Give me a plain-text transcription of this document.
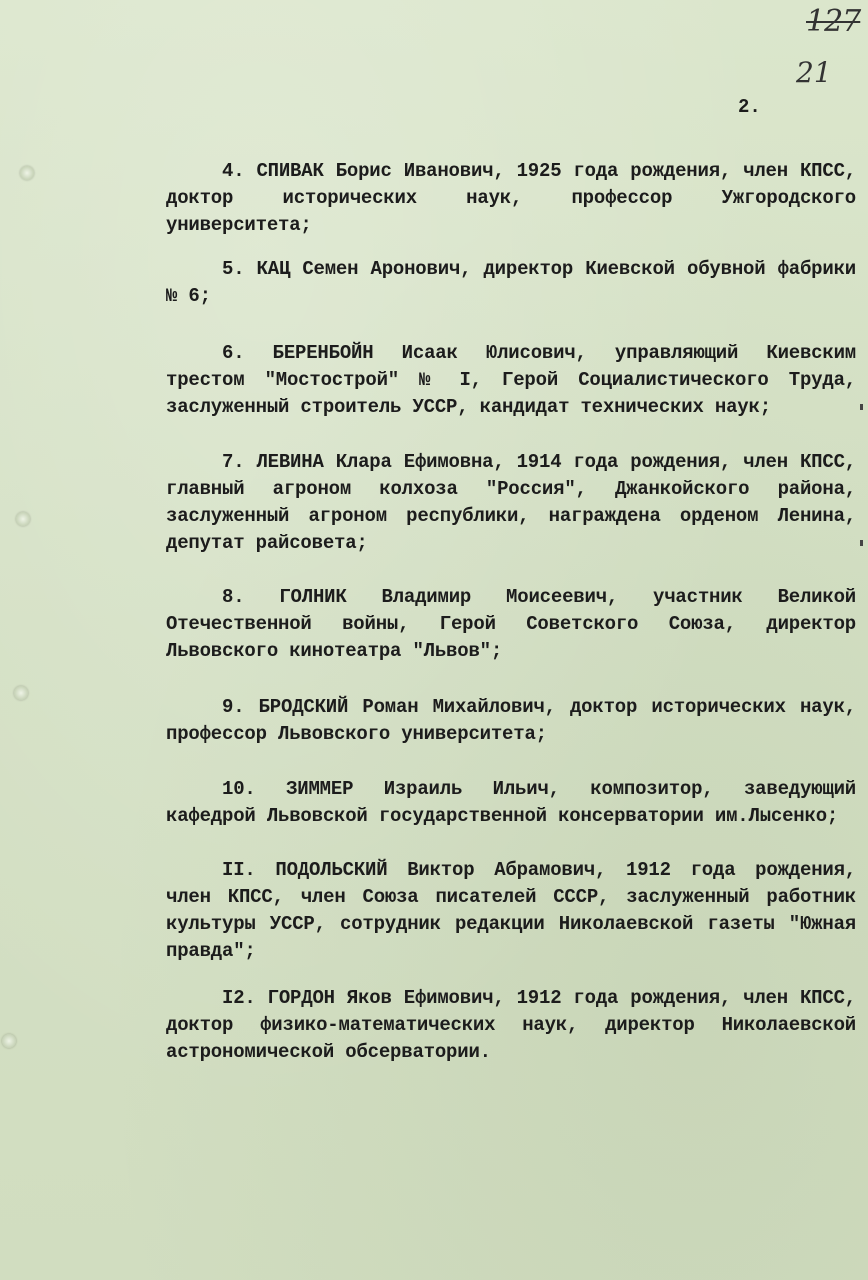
127
21
2.

4. СПИВАК Борис Иванович, 1925 года рождения, член КПСС, доктор исторических наук, профессор Ужгородского университета;

5. КАЦ Семен Аронович, директор Киевской обувной фабрики № 6;

6. БЕРЕНБОЙН Исаак Юлисович, управляющий Киевским трестом "Мостострой" № I, Герой Социалистического Труда, заслуженный строитель УССР, кандидат технических наук;

7. ЛЕВИНА Клара Ефимовна, 1914 года рождения, член КПСС, главный агроном колхоза "Россия", Джанкойского района, заслуженный агроном республики, награждена орденом Ленина, депутат райсовета;

8. ГОЛНИК Владимир Моисеевич, участник Великой Отечественной войны, Герой Советского Союза, директор Львовского кинотеатра "Львов";

9. БРОДСКИЙ Роман Михайлович, доктор исторических наук, профессор Львовского университета;

10. ЗИММЕР Израиль Ильич, композитор, заведующий кафедрой Львовской государственной консерватории им.Лысенко;

II. ПОДОЛЬСКИЙ Виктор Абрамович, 1912 года рождения, член КПСС, член Союза писателей СССР, заслуженный работник культуры УССР, сотрудник редакции Николаевской газеты "Южная правда";

I2. ГОРДОН Яков Ефимович, 1912 года рождения, член КПСС, доктор физико-математических наук, директор Николаевской астрономической обсерватории.
